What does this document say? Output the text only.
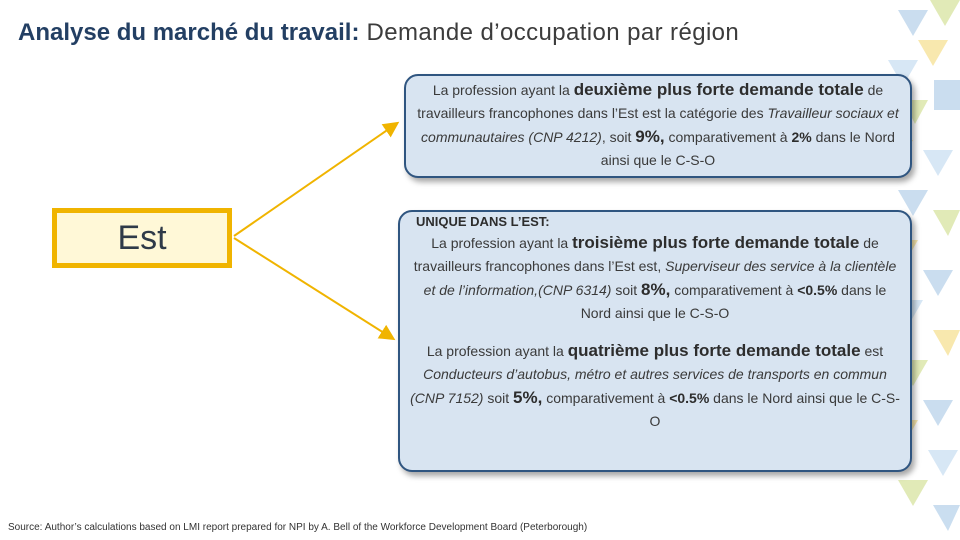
Analyse du marché du travail: Demande d’occupation par région
Est
La profession ayant la deuxième plus forte demande totale de travailleurs francophones dans l’Est est la catégorie des Travailleur sociaux et communautaires (CNP 4212), soit 9%, comparativement à 2% dans le Nord ainsi que le C-S-O
UNIQUE DANS L’EST:

La profession ayant la troisième plus forte demande totale de travailleurs francophones dans l’Est est, Superviseur des service à la clientèle et de l’information,(CNP 6314) soit 8%, comparativement à <0.5% dans le Nord ainsi que le C-S-O

La profession ayant la quatrième plus forte demande totale est Conducteurs d’autobus, métro et autres services de transports en commun (CNP 7152) soit 5%, comparativement à <0.5% dans le Nord ainsi que le C-S-O

Source: Author’s calculations based on LMI report prepared for NPI by A. Bell of the Workforce Development Board (Peterborough)
